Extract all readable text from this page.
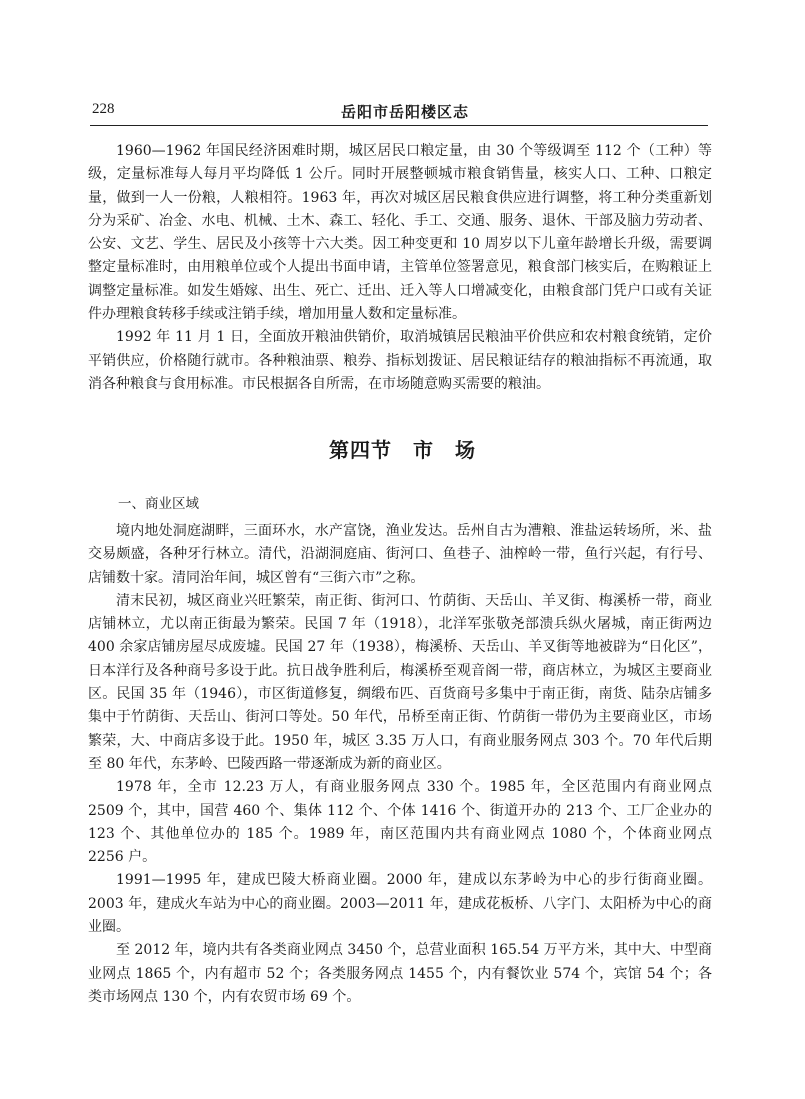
228	岳阳市岳阳楼区志

1960—1962 年国民经济困难时期，城区居民口粮定量，由 30 个等级调至 112 个（工种）等级，定量标准每人每月平均降低 1 公斤。同时开展整顿城市粮食销售量，核实人口、工种、口粮定量，做到一人一份粮，人粮相符。1963 年，再次对城区居民粮食供应进行调整，将工种分类重新划分为采矿、冶金、水电、机械、土木、森工、轻化、手工、交通、服务、退休、干部及脑力劳动者、公安、文艺、学生、居民及小孩等十六大类。因工种变更和 10 周岁以下儿童年龄增长升级，需要调整定量标准时，由用粮单位或个人提出书面申请，主管单位签署意见，粮食部门核实后，在购粮证上调整定量标准。如发生婚嫁、出生、死亡、迁出、迁入等人口增减变化，由粮食部门凭户口或有关证件办理粮食转移手续或注销手续，增加用量人数和定量标准。

1992 年 11 月 1 日，全面放开粮油供销价，取消城镇居民粮油平价供应和农村粮食统销，定价平销供应，价格随行就市。各种粮油票、粮券、指标划拨证、居民粮证结存的粮油指标不再流通，取消各种粮食与食用标准。市民根据各自所需，在市场随意购买需要的粮油。

第四节　市　场
一、商业区域

境内地处洞庭湖畔，三面环水，水产富饶，渔业发达。岳州自古为漕粮、淮盐运转场所，米、盐交易颇盛，各种牙行林立。清代，沿湖洞庭庙、街河口、鱼巷子、油榨岭一带，鱼行兴起，有行号、店铺数十家。清同治年间，城区曾有“三街六市”之称。

清末民初，城区商业兴旺繁荣，南正街、街河口、竹荫街、天岳山、羊叉街、梅溪桥一带，商业店铺林立，尤以南正街最为繁荣。民国 7 年（1918），北洋军张敬尧部溃兵纵火屠城，南正街两边 400 余家店铺房屋尽成废墟。民国 27 年（1938），梅溪桥、天岳山、羊叉街等地被辟为“日化区”，日本洋行及各种商号多设于此。抗日战争胜利后，梅溪桥至观音阁一带，商店林立，为城区主要商业区。民国 35 年（1946），市区街道修复，绸缎布匹、百货商号多集中于南正街，南货、陆杂店铺多集中于竹荫街、天岳山、街河口等处。50 年代，吊桥至南正街、竹荫街一带仍为主要商业区，市场繁荣，大、中商店多设于此。1950 年，城区 3.35 万人口，有商业服务网点 303 个。70 年代后期至 80 年代，东茅岭、巴陵西路一带逐渐成为新的商业区。

1978 年，全市 12.23 万人，有商业服务网点 330 个。1985 年，全区范围内有商业网点 2509 个，其中，国营 460 个、集体 112 个、个体 1416 个、街道开办的 213 个、工厂企业办的 123 个、其他单位办的 185 个。1989 年，南区范围内共有商业网点 1080 个，个体商业网点 2256 户。

1991—1995 年，建成巴陵大桥商业圈。2000 年，建成以东茅岭为中心的步行街商业圈。2003 年，建成火车站为中心的商业圈。2003—2011 年，建成花板桥、八字门、太阳桥为中心的商业圈。

至 2012 年，境内共有各类商业网点 3450 个，总营业面积 165.54 万平方米，其中大、中型商业网点 1865 个，内有超市 52 个；各类服务网点 1455 个，内有餐饮业 574 个，宾馆 54 个；各类市场网点 130 个，内有农贸市场 69 个。
